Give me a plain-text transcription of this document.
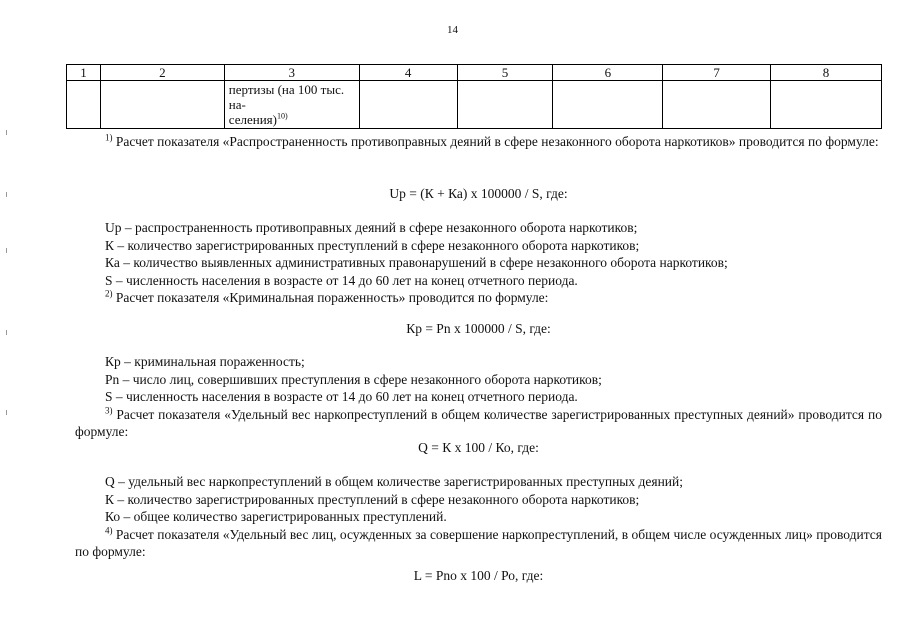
14
1	2	3	4	5	6	7	8

		пертизы (на 100 тыс. на-
селения)$^{10)}$

$^{1)}$ Расчет показателя «Распространенность противоправных деяний в сфере незаконного оборота наркотиков» проводится по формуле:
Up = (К + Ка) x 100000 / S, где:
Up – распространенность противоправных деяний в сфере незаконного оборота наркотиков;
К – количество зарегистрированных преступлений в сфере незаконного оборота наркотиков;
Ка – количество выявленных административных правонарушений в сфере незаконного оборота наркотиков;
S – численность населения в возрасте от 14 до 60 лет на конец отчетного периода.
$^{2)}$ Расчет показателя «Криминальная пораженность» проводится по формуле:
Кр = Рn x 100000 / S, где:
Кр – криминальная пораженность;
Рn – число лиц, совершивших преступления в сфере незаконного оборота наркотиков;
S – численность населения в возрасте от 14 до 60 лет на конец отчетного периода.
$^{3)}$ Расчет показателя «Удельный вес наркопреступлений в общем количестве зарегистрированных преступных деяний» проводится по формуле:
Q = К x 100 / Ко, где:
Q – удельный вес наркопреступлений в общем количестве зарегистрированных преступных деяний;
К – количество зарегистрированных преступлений в сфере незаконного оборота наркотиков;
Ко – общее количество зарегистрированных преступлений.
$^{4)}$ Расчет показателя «Удельный вес лиц, осужденных за совершение наркопреступлений, в общем числе осужденных лиц» проводится по формуле:
L = Рno x 100 / Ро, где:
